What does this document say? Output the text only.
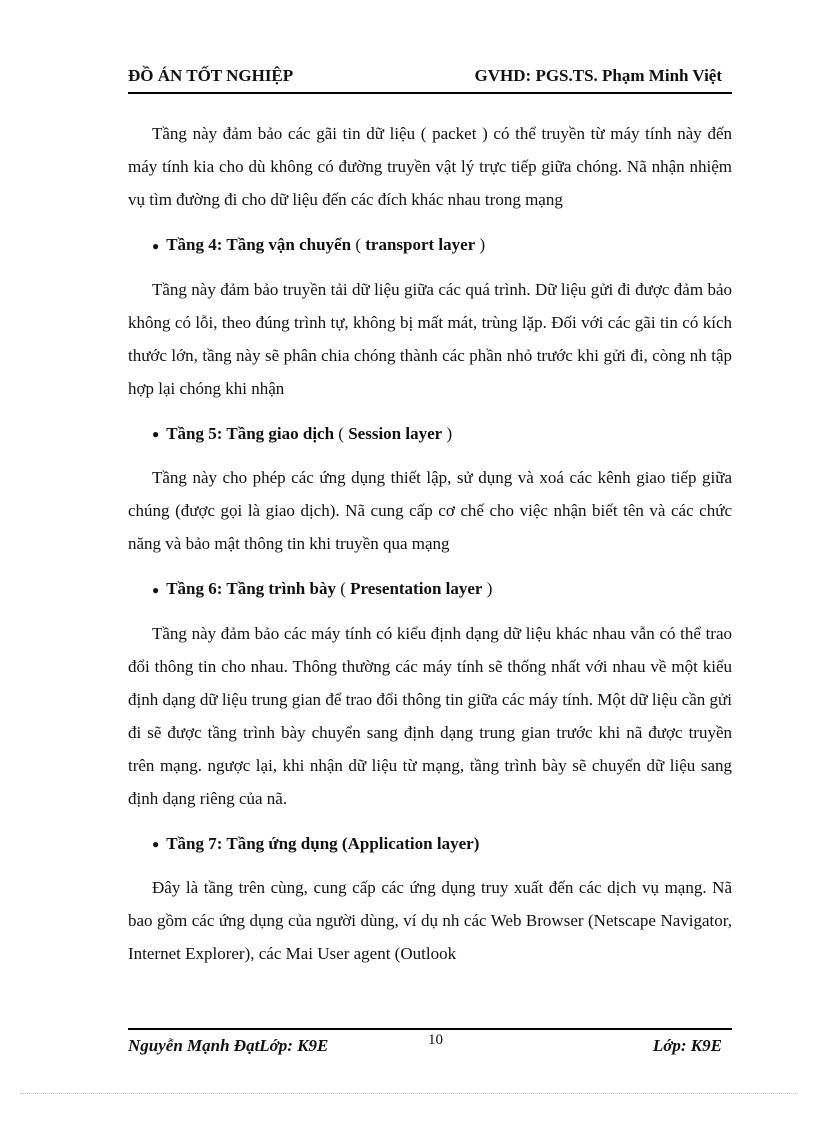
ĐỒ ÁN TỐT NGHIỆP	GVHD: PGS.TS. Phạm Minh Việt

Tầng này đảm bảo các gãi tin dữ liệu ( packet ) có thể truyền từ máy tính này đến máy tính kia cho dù không có đường truyền vật lý trực tiếp giữa chóng. Nã nhận nhiệm vụ tìm đường đi cho dữ liệu đến các đích khác nhau trong mạng

● Tầng 4: Tầng vận chuyển ( transport layer )

Tầng này đảm bảo truyền tải dữ liệu giữa các quá trình. Dữ liệu gửi đi được đảm bảo không có lỗi, theo đúng trình tự, không bị mất mát, trùng lặp. Đối với các gãi tin có kích thước lớn, tầng này sẽ phân chia chóng thành các phần nhỏ trước khi gửi đi, còng nh tập hợp lại chóng khi nhận

● Tầng 5: Tầng giao dịch ( Session layer )

Tầng này cho phép các ứng dụng thiết lập, sử dụng và xoá các kênh giao tiếp giữa chúng (được gọi là giao dịch). Nã cung cấp cơ chế cho việc nhận biết tên và các chức năng và bảo mật thông tin khi truyền qua mạng

● Tầng 6: Tầng trình bày ( Presentation layer )

Tầng này đảm bảo các máy tính có kiểu định dạng dữ liệu khác nhau vẫn có thể trao đổi thông tin cho nhau. Thông thường các máy tính sẽ thống nhất với nhau về một kiểu định dạng dữ liệu trung gian để trao đổi thông tin giữa các máy tính. Một dữ liệu cần gửi đi sẽ được tầng trình bày chuyển sang định dạng trung gian trước khi nã được truyền trên mạng. ngược lại, khi nhận dữ liệu từ mạng, tầng trình bày sẽ chuyển dữ liệu sang định dạng riêng của nã.

● Tầng 7: Tầng ứng dụng (Application layer)

Đây là tầng trên cùng, cung cấp các ứng dụng truy xuất đến các dịch vụ mạng. Nã bao gồm các ứng dụng của người dùng, ví dụ nh các Web Browser (Netscape Navigator, Internet Explorer), các Mai User agent (Outlook

Nguyễn Mạnh ĐạtLớp: K9E	10	Lớp: K9E
